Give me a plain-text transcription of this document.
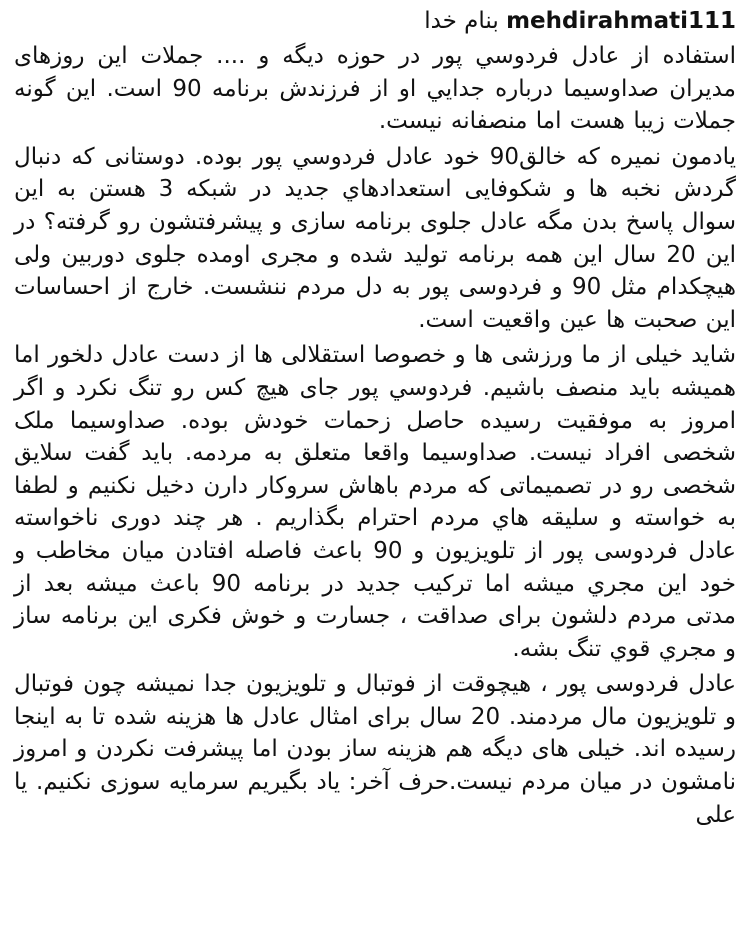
mehdirahmati111 بنام خدا

استفاده از عادل فردوسي پور در حوزه ديگه و .... جملات اين روزهای مديران صداوسيما درباره جدايي او از فرزندش برنامه 90 است. این گونه جملات زیبا هست اما منصفانه نیست.

یادمون نمیره که خالق90 خود عادل فردوسي پور بوده. دوستانی که دنبال گردش نخبه ها و شکوفایی استعدادهاي جدید در شبکه 3 هستن به این سوال پاسخ بدن مگه عادل جلوی برنامه سازی و پیشرفتشون رو گرفته؟ در این 20 سال این همه برنامه تولید شده و مجری اومده جلوی دوربین ولی هیچکدام مثل 90 و فردوسی پور به دل مردم ننشست. خارج از احساسات این صحبت ها عین واقعیت است.

شاید خیلی از ما ورزشی ها و خصوصا استقلالی ها از دست عادل دلخور اما همیشه باید منصف باشیم. فردوسي پور جای هیچ کس رو تنگ نکرد و اگر امروز به موفقیت رسیده حاصل زحمات خودش بوده. صداوسیما ملک شخصی افراد نیست. صداوسیما واقعا متعلق به مردمه. باید گفت سلایق شخصی رو در تصمیماتی که مردم باهاش سروکار دارن دخیل نکنیم و لطفا به خواسته و سلیقه هاي مردم احترام بگذاریم . هر چند دوری ناخواسته عادل فردوسی پور از تلویزیون و 90 باعث فاصله افتادن میان مخاطب و خود این مجري میشه اما ترکیب جدید در برنامه 90 باعث میشه بعد از مدتی مردم دلشون برای صداقت ، جسارت و خوش فکری این برنامه ساز و مجري قوي تنگ بشه.

عادل فردوسی پور ، هیچوقت از فوتبال و تلویزیون جدا نمیشه چون فوتبال و تلویزیون مال مردمند. 20 سال برای امثال عادل ها هزینه شده تا به اینجا رسیده اند. خیلی های دیگه هم هزینه ساز بودن اما پیشرفت نکردن و امروز نامشون در میان مردم نیست.حرف آخر: یاد بگیریم سرمایه سوزی نکنیم. یا علی
